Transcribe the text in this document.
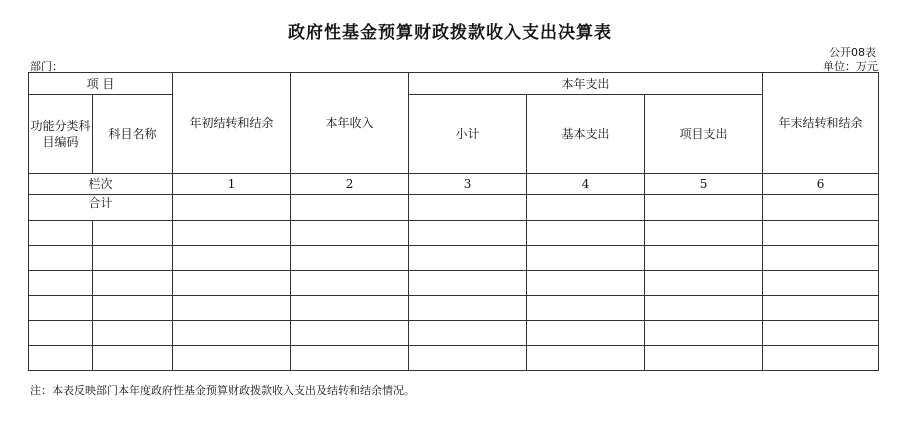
政府性基金预算财政拨款收入支出决算表
公开08表
部门：	单位：万元
项 目		年初结转和结余	本年收入	本年支出			年末结转和结余
功能分类科目编码	科目名称			小计	基本支出	项目支出	

栏次		1	2	3	4	5	6
合计							

注：本表反映部门本年度政府性基金预算财政拨款收入支出及结转和结余情况。
